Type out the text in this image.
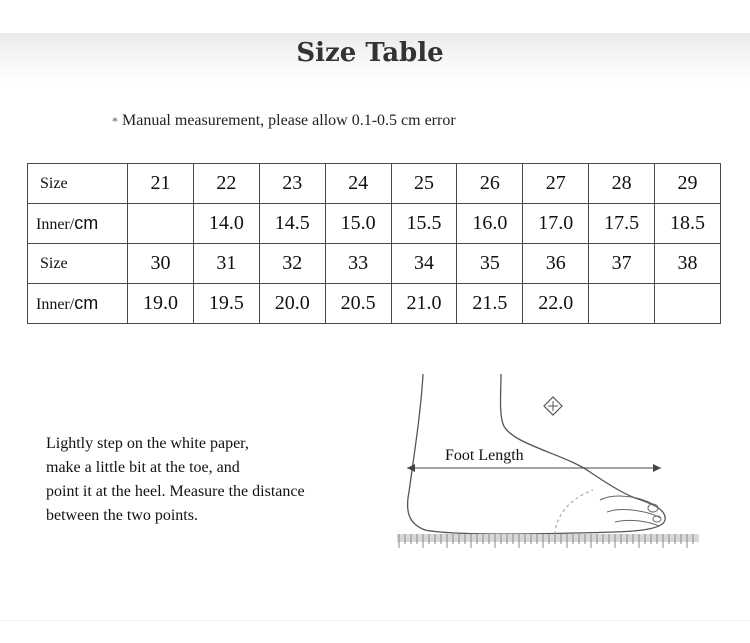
Size Table
* Manual measurement, please allow 0.1-0.5 cm error
Size	21	22	23	24	25	26	27	28	29
Inner/cm		14.0	14.5	15.0	15.5	16.0	17.0	17.5	18.5
Size	30	31	32	33	34	35	36	37	38
Inner/cm	19.0	19.5	20.0	20.5	21.0	21.5	22.0		
Lightly step on the white paper,
make a little bit at the toe, and
point it at the heel. Measure the distance
between the two points.
Foot Length
